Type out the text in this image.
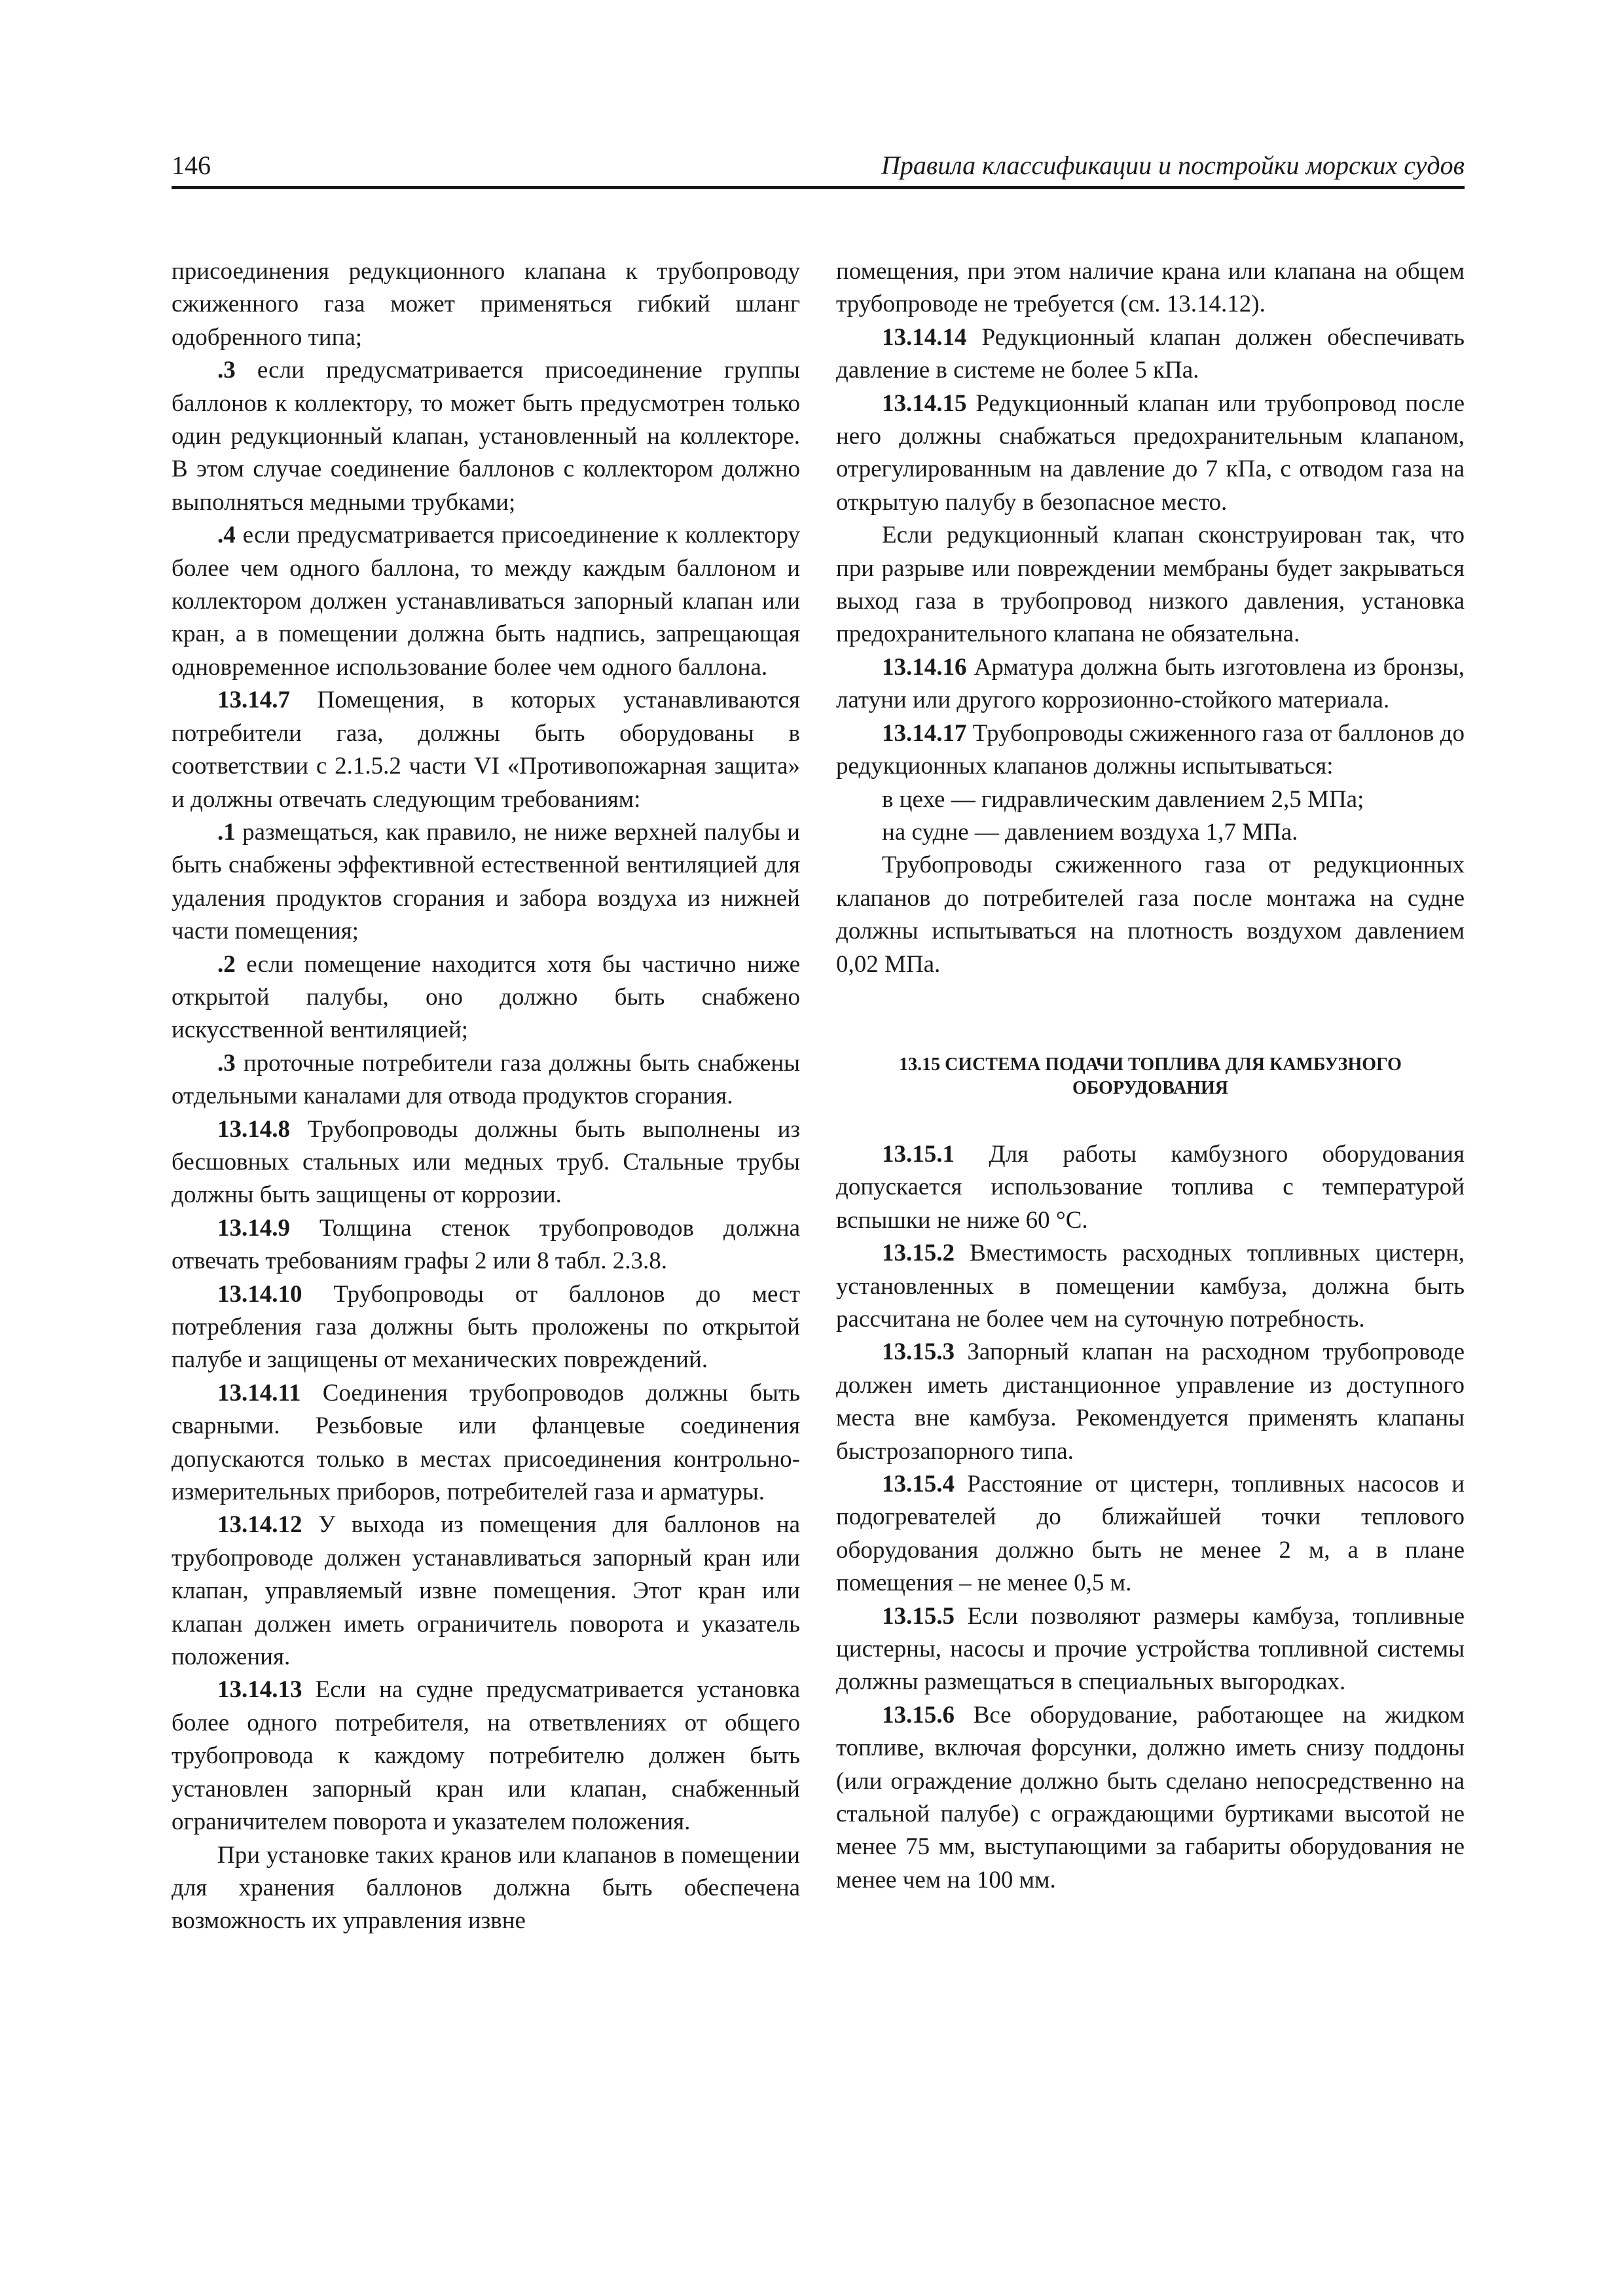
146	Правила классификации и постройки морских судов

присоединения редукционного клапана к трубопроводу сжиженного газа может применяться гибкий шланг одобренного типа;

.3 если предусматривается присоединение группы баллонов к коллектору, то может быть предусмотрен только один редукционный клапан, установленный на коллекторе. В этом случае соединение баллонов с коллектором должно выполняться медными трубками;

.4 если предусматривается присоединение к коллектору более чем одного баллона, то между каждым баллоном и коллектором должен устанавливаться запорный клапан или кран, а в помещении должна быть надпись, запрещающая одновременное использование более чем одного баллона.

13.14.7 Помещения, в которых устанавливаются потребители газа, должны быть оборудованы в соответствии с 2.1.5.2 части VI «Противопожарная защита» и должны отвечать следующим требованиям:

.1 размещаться, как правило, не ниже верхней палубы и быть снабжены эффективной естественной вентиляцией для удаления продуктов сгорания и забора воздуха из нижней части помещения;

.2 если помещение находится хотя бы частично ниже открытой палубы, оно должно быть снабжено искусственной вентиляцией;

.3 проточные потребители газа должны быть снабжены отдельными каналами для отвода продуктов сгорания.

13.14.8 Трубопроводы должны быть выполнены из бесшовных стальных или медных труб. Стальные трубы должны быть защищены от коррозии.

13.14.9 Толщина стенок трубопроводов должна отвечать требованиям графы 2 или 8 табл. 2.3.8.

13.14.10 Трубопроводы от баллонов до мест потребления газа должны быть проложены по открытой палубе и защищены от механических повреждений.

13.14.11 Соединения трубопроводов должны быть сварными. Резьбовые или фланцевые соединения допускаются только в местах присоединения контрольно-измерительных приборов, потребителей газа и арматуры.

13.14.12 У выхода из помещения для баллонов на трубопроводе должен устанавливаться запорный кран или клапан, управляемый извне помещения. Этот кран или клапан должен иметь ограничитель поворота и указатель положения.

13.14.13 Если на судне предусматривается установка более одного потребителя, на ответвлениях от общего трубопровода к каждому потребителю должен быть установлен запорный кран или клапан, снабженный ограничителем поворота и указателем положения.

При установке таких кранов или клапанов в помещении для хранения баллонов должна быть обеспечена возможность их управления извне

помещения, при этом наличие крана или клапана на общем трубопроводе не требуется (см. 13.14.12).

13.14.14 Редукционный клапан должен обеспечивать давление в системе не более 5 кПа.

13.14.15 Редукционный клапан или трубопровод после него должны снабжаться предохранительным клапаном, отрегулированным на давление до 7 кПа, с отводом газа на открытую палубу в безопасное место.

Если редукционный клапан сконструирован так, что при разрыве или повреждении мембраны будет закрываться выход газа в трубопровод низкого давления, установка предохранительного клапана не обязательна.

13.14.16 Арматура должна быть изготовлена из бронзы, латуни или другого коррозионно-стойкого материала.

13.14.17 Трубопроводы сжиженного газа от баллонов до редукционных клапанов должны испытываться:

в цехе — гидравлическим давлением 2,5 МПа;

на судне — давлением воздуха 1,7 МПа.

Трубопроводы сжиженного газа от редукционных клапанов до потребителей газа после монтажа на судне должны испытываться на плотность воздухом давлением 0,02 МПа.

13.15 СИСТЕМА ПОДАЧИ ТОПЛИВА ДЛЯ КАМБУЗНОГО ОБОРУДОВАНИЯ

13.15.1 Для работы камбузного оборудования допускается использование топлива с температурой вспышки не ниже 60 °С.

13.15.2 Вместимость расходных топливных цистерн, установленных в помещении камбуза, должна быть рассчитана не более чем на суточную потребность.

13.15.3 Запорный клапан на расходном трубопроводе должен иметь дистанционное управление из доступного места вне камбуза. Рекомендуется применять клапаны быстрозапорного типа.

13.15.4 Расстояние от цистерн, топливных насосов и подогревателей до ближайшей точки теплового оборудования должно быть не менее 2 м, а в плане помещения – не менее 0,5 м.

13.15.5 Если позволяют размеры камбуза, топливные цистерны, насосы и прочие устройства топливной системы должны размещаться в специальных выгородках.

13.15.6 Все оборудование, работающее на жидком топливе, включая форсунки, должно иметь снизу поддоны (или ограждение должно быть сделано непосредственно на стальной палубе) с ограждающими буртиками высотой не менее 75 мм, выступающими за габариты оборудования не менее чем на 100 мм.
